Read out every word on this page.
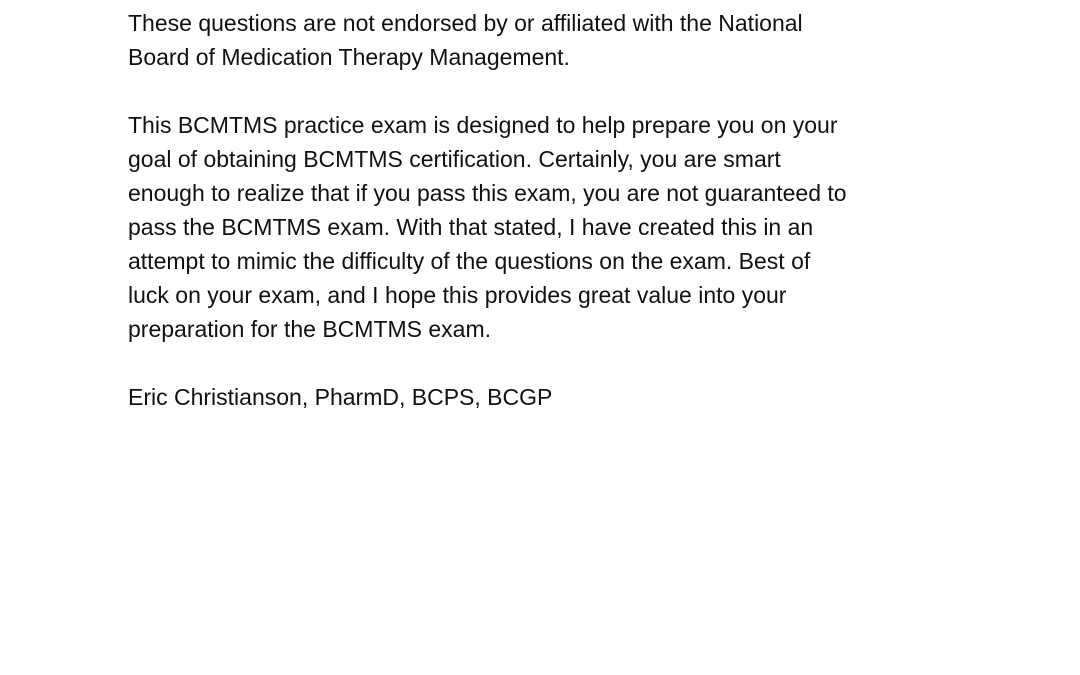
These questions are not endorsed by or affiliated with the National
Board of Medication Therapy Management.

This BCMTMS practice exam is designed to help prepare you on your
goal of obtaining BCMTMS certification. Certainly, you are smart
enough to realize that if you pass this exam, you are not guaranteed to
pass the BCMTMS exam. With that stated, I have created this in an
attempt to mimic the difficulty of the questions on the exam. Best of
luck on your exam, and I hope this provides great value into your
preparation for the BCMTMS exam.

Eric Christianson, PharmD, BCPS, BCGP
